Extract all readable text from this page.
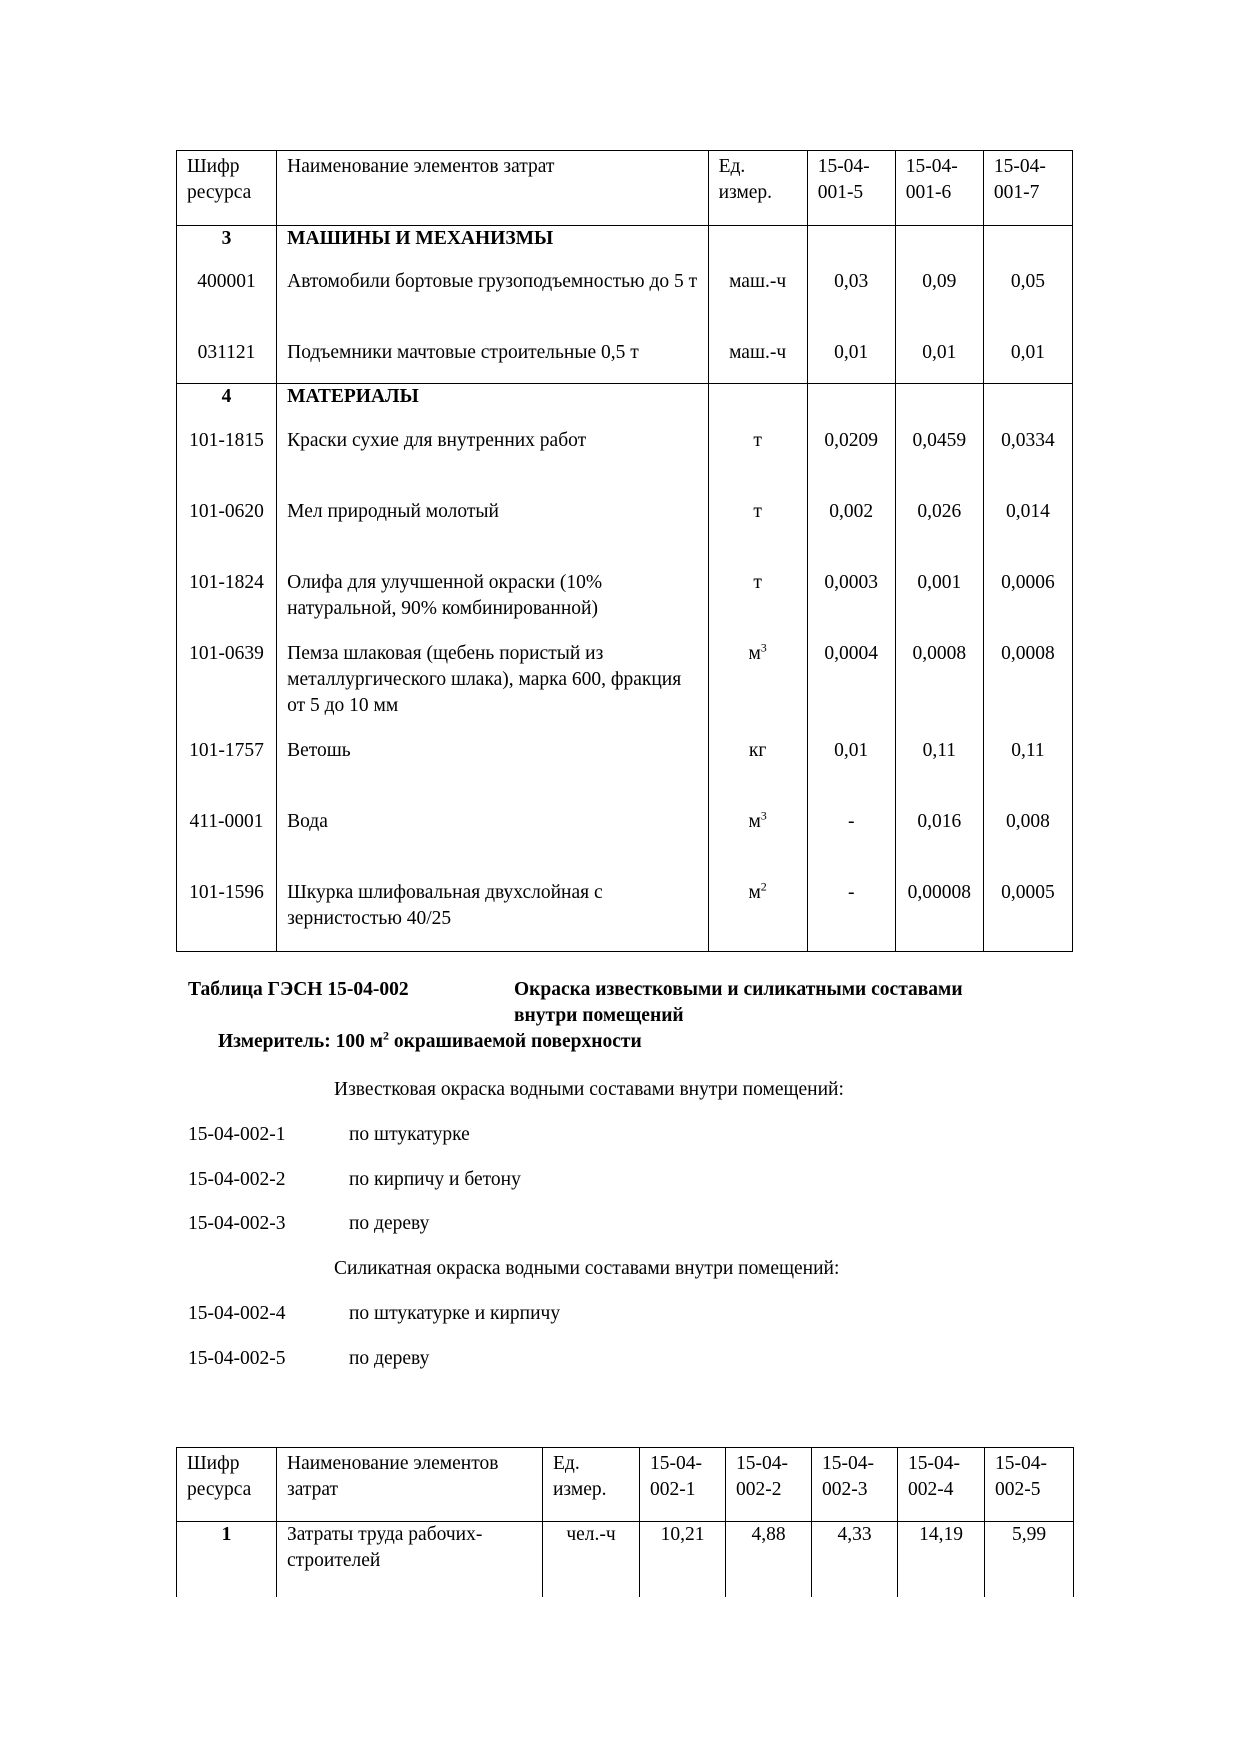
Шифр ресурса	Наименование элементов затрат	Ед. измер.	15-04-001-5	15-04-001-6	15-04-001-7
3	МАШИНЫ И МЕХАНИЗМЫ				
400001	Автомобили бортовые грузоподъемностью до 5 т	маш.-ч	0,03	0,09	0,05
031121	Подъемники мачтовые строительные 0,5 т	маш.-ч	0,01	0,01	0,01
4	МАТЕРИАЛЫ				
101-1815	Краски сухие для внутренних работ	т	0,0209	0,0459	0,0334
101-0620	Мел природный молотый	т	0,002	0,026	0,014
101-1824	Олифа для улучшенной окраски (10% натуральной, 90% комбинированной)	т	0,0003	0,001	0,0006
101-0639	Пемза шлаковая (щебень пористый из металлургического шлака), марка 600, фракция от 5 до 10 мм	$м^3$	0,0004	0,0008	0,0008
101-1757	Ветошь	кг	0,01	0,11	0,11
411-0001	Вода	$м^3$	-	0,016	0,008
101-1596	Шкурка шлифовальная двухслойная с зернистостью 40/25	$м^2$	-	0,00008	0,0005
Таблица ГЭСН 15-04-002	Окраска известковыми и силикатными составами
внутри помещений
Измеритель: 100 $м^2$ окрашиваемой поверхности
Известковая окраска водными составами внутри помещений:
15-04-002-1	по штукатурке
15-04-002-2	по кирпичу и бетону
15-04-002-3	по дереву
Силикатная окраска водными составами внутри помещений:
15-04-002-4	по штукатурке и кирпичу
15-04-002-5	по дереву
Шифр ресурса	Наименование элементов затрат	Ед. измер.	15-04-002-1	15-04-002-2	15-04-002-3	15-04-002-4	15-04-002-5
1	Затраты труда рабочих-строителей	чел.-ч	10,21	4,88	4,33	14,19	5,99
